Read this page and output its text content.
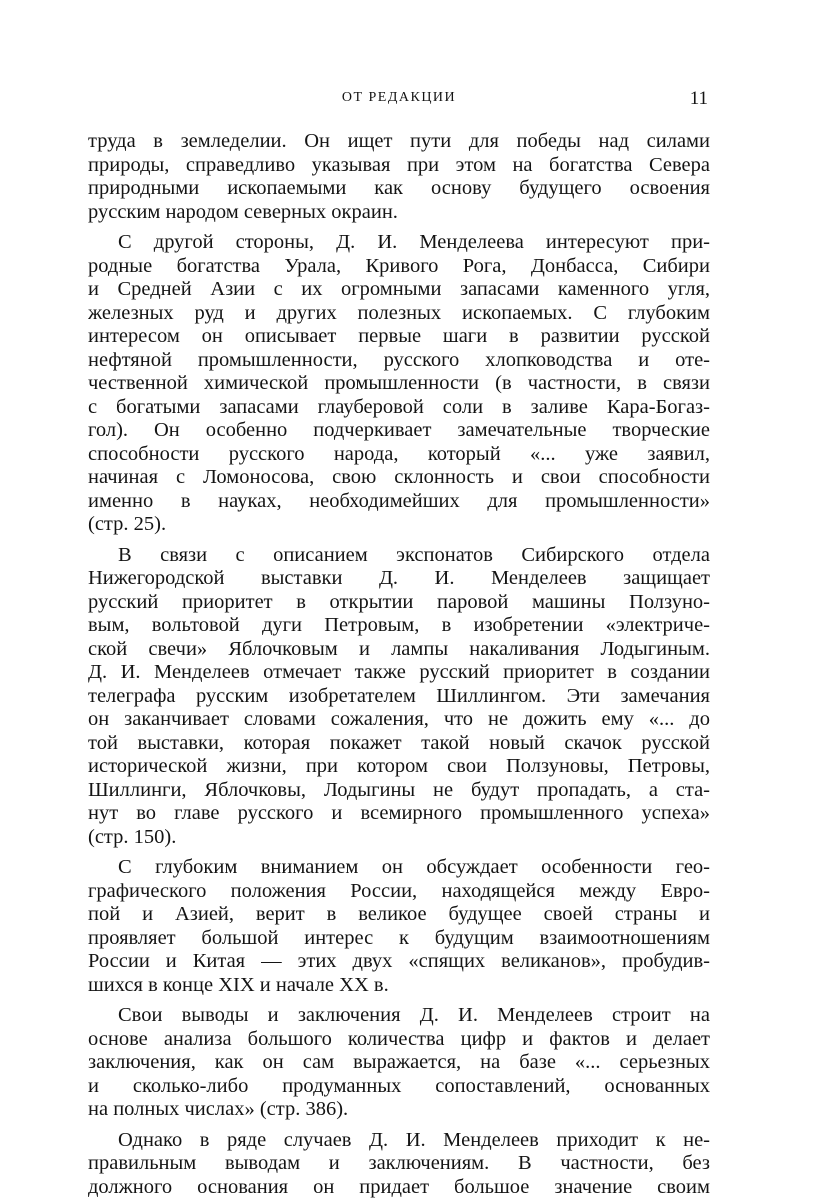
ОТ РЕДАКЦИИ	11
труда в земледелии. Он ищет пути для победы над силами
природы, справедливо указывая при этом на богатства Севера
природными ископаемыми как основу будущего освоения
русским народом северных окраин.
С другой стороны, Д. И. Менделеева интересуют при-
родные богатства Урала, Кривого Рога, Донбасса, Сибири
и Средней Азии с их огромными запасами каменного угля,
железных руд и других полезных ископаемых. С глубоким
интересом он описывает первые шаги в развитии русской
нефтяной промышленности, русского хлопководства и оте-
чественной химической промышленности (в частности, в связи
с богатыми запасами глауберовой соли в заливе Кара-Богаз-
гол). Он особенно подчеркивает замечательные творческие
способности русского народа, который «... уже заявил,
начиная с Ломоносова, свою склонность и свои способности
именно в науках, необходимейших для промышленности»
(стр. 25).
В связи с описанием экспонатов Сибирского отдела
Нижегородской выставки Д. И. Менделеев защищает
русский приоритет в открытии паровой машины Ползуно-
вым, вольтовой дуги Петровым, в изобретении «электриче-
ской свечи» Яблочковым и лампы накаливания Лодыгиным.
Д. И. Менделеев отмечает также русский приоритет в создании
телеграфа русским изобретателем Шиллингом. Эти замечания
он заканчивает словами сожаления, что не дожить ему «... до
той выставки, которая покажет такой новый скачок русской
исторической жизни, при котором свои Ползуновы, Петровы,
Шиллинги, Яблочковы, Лодыгины не будут пропадать, а ста-
нут во главе русского и всемирного промышленного успеха»
(стр. 150).
С глубоким вниманием он обсуждает особенности гео-
графического положения России, находящейся между Евро-
пой и Азией, верит в великое будущее своей страны и
проявляет большой интерес к будущим взаимоотношениям
России и Китая — этих двух «спящих великанов», пробудив-
шихся в конце XIX и начале XX в.
Свои выводы и заключения Д. И. Менделеев строит на
основе анализа большого количества цифр и фактов и делает
заключения, как он сам выражается, на базе «... серьезных
и сколько-либо продуманных сопоставлений, основанных
на полных числах» (стр. 386).
Однако в ряде случаев Д. И. Менделеев приходит к не-
правильным выводам и заключениям. В частности, без
должного основания он придает большое значение своим
